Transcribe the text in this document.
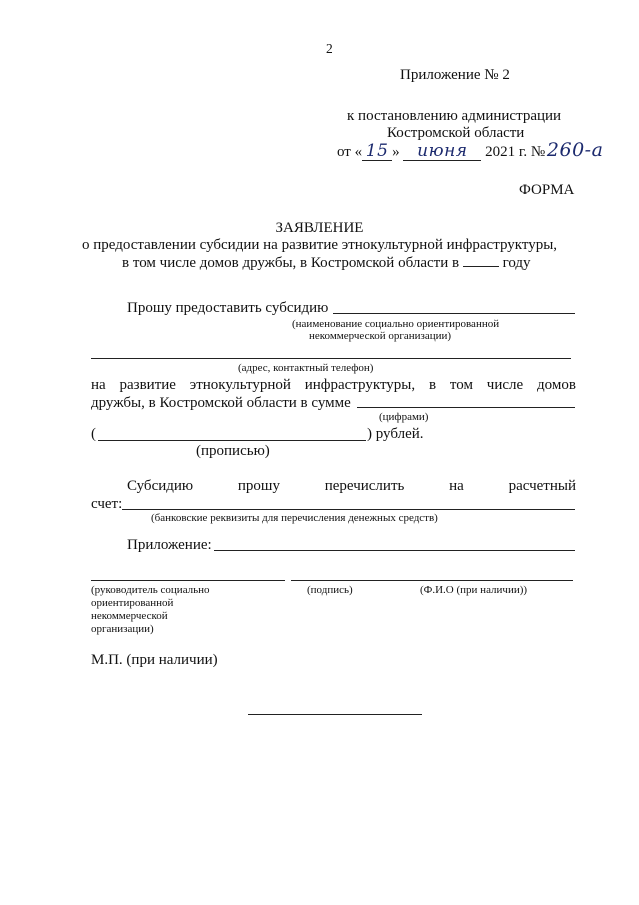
2
Приложение № 2
к постановлению администрации
Костромской области
от « 15 » июня 2021 г. № 260-а
ФОРМА
ЗАЯВЛЕНИЕ
о предоставлении субсидии на развитие этнокультурной инфраструктуры,
в том числе домов дружбы, в Костромской области в	году
Прошу предоставить субсидию
(наименование социально ориентированной
некоммерческой организации)
(адрес, контактный телефон)
на развитие этнокультурной инфраструктуры, в том числе домов
дружбы, в Костромской области в сумме
(цифрами)
(	) рублей.
(прописью)
Субсидию	прошу	перечислить	на	расчетный
счет:
(банковские реквизиты для перечисления денежных средств)
Приложение:
(руководитель социально
ориентированной
некоммерческой
организации)
(подпись)	(Ф.И.О (при наличии))
М.П. (при наличии)
